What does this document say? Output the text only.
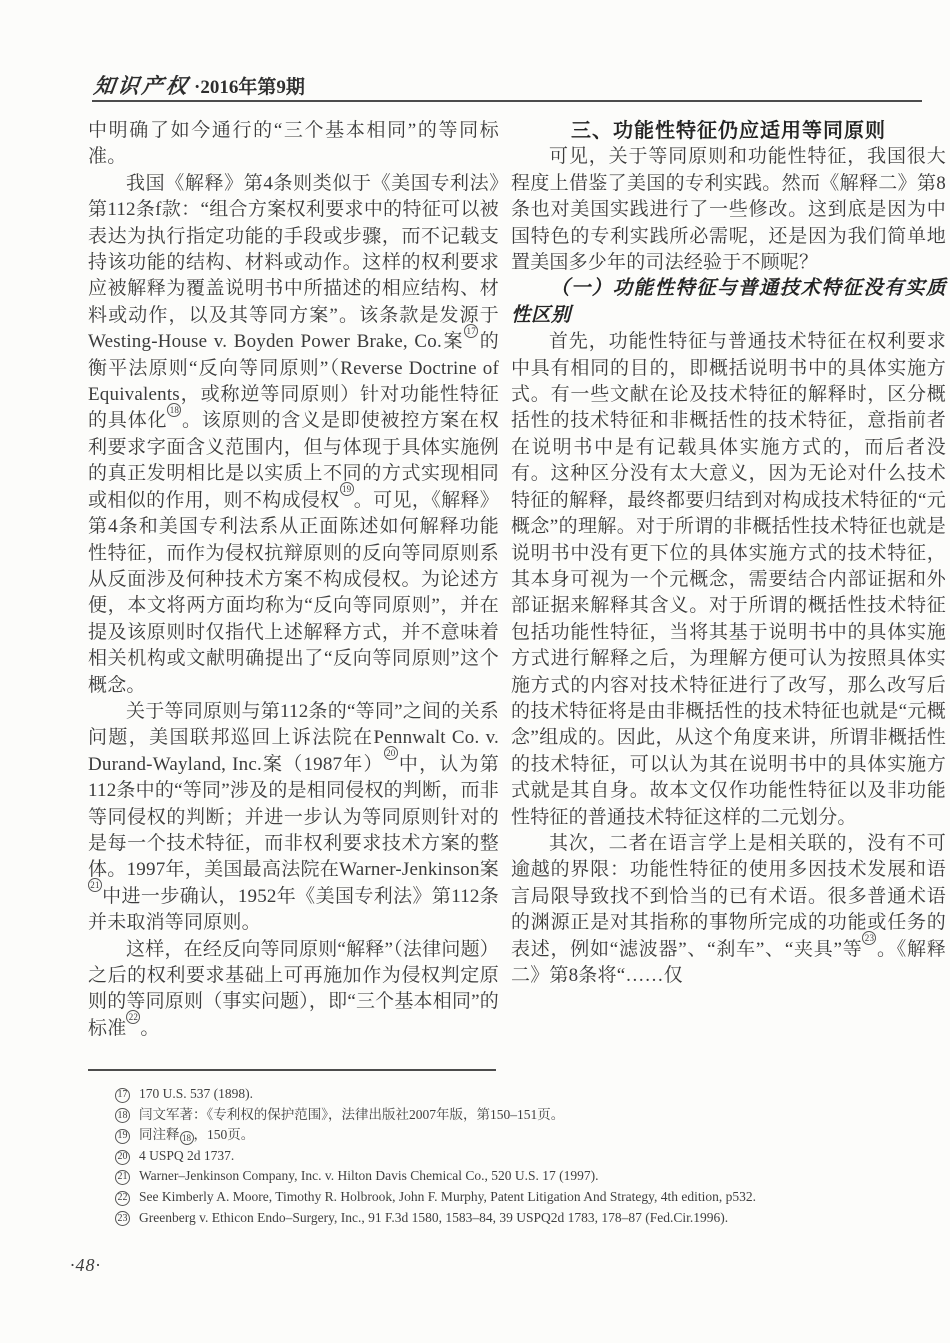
知识产权 ·2016年第9期

中明确了如今通行的“三个基本相同”的等同标准。

我国《解释》第4条则类似于《美国专利法》第112条f款：“组合方案权利要求中的特征可以被表达为执行指定功能的手段或步骤，而不记载支持该功能的结构、材料或动作。这样的权利要求应被解释为覆盖说明书中所描述的相应结构、材料或动作，以及其等同方案”。该条款是发源于Westing-House v. Boyden Power Brake, Co.案$^{17}$的衡平法原则“反向等同原则”（Reverse Doctrine of Equivalents，或称逆等同原则）针对功能性特征的具体化$^{18}$。该原则的含义是即使被控方案在权利要求字面含义范围内，但与体现于具体实施例的真正发明相比是以实质上不同的方式实现相同或相似的作用，则不构成侵权$^{19}$。可见，《解释》第4条和美国专利法系从正面陈述如何解释功能性特征，而作为侵权抗辩原则的反向等同原则系从反面涉及何种技术方案不构成侵权。为论述方便，本文将两方面均称为“反向等同原则”，并在提及该原则时仅指代上述解释方式，并不意味着相关机构或文献明确提出了“反向等同原则”这个概念。

关于等同原则与第112条的“等同”之间的关系问题，美国联邦巡回上诉法院在Pennwalt Co. v. Durand-Wayland, Inc.案（1987年）$^{20}$中，认为第112条中的“等同”涉及的是相同侵权的判断，而非等同侵权的判断；并进一步认为等同原则针对的是每一个技术特征，而非权利要求技术方案的整体。1997年，美国最高法院在Warner-Jenkinson案$^{21}$中进一步确认，1952年《美国专利法》第112条并未取消等同原则。

这样，在经反向等同原则“解释”（法律问题）之后的权利要求基础上可再施加作为侵权判定原则的等同原则（事实问题），即“三个基本相同”的标准$^{22}$。

三、功能性特征仍应适用等同原则

可见，关于等同原则和功能性特征，我国很大程度上借鉴了美国的专利实践。然而《解释二》第8条也对美国实践进行了一些修改。这到底是因为中国特色的专利实践所必需呢，还是因为我们简单地置美国多少年的司法经验于不顾呢？

（一）功能性特征与普通技术特征没有实质性区别

首先，功能性特征与普通技术特征在权利要求中具有相同的目的，即概括说明书中的具体实施方式。有一些文献在论及技术特征的解释时，区分概括性的技术特征和非概括性的技术特征，意指前者在说明书中是有记载具体实施方式的，而后者没有。这种区分没有太大意义，因为无论对什么技术特征的解释，最终都要归结到对构成技术特征的“元概念”的理解。对于所谓的非概括性技术特征也就是说明书中没有更下位的具体实施方式的技术特征，其本身可视为一个元概念，需要结合内部证据和外部证据来解释其含义。对于所谓的概括性技术特征包括功能性特征，当将其基于说明书中的具体实施方式进行解释之后，为理解方便可认为按照具体实施方式的内容对技术特征进行了改写，那么改写后的技术特征将是由非概括性的技术特征也就是“元概念”组成的。因此，从这个角度来讲，所谓非概括性的技术特征，可以认为其在说明书中的具体实施方式就是其自身。故本文仅作功能性特征以及非功能性特征的普通技术特征这样的二元划分。

其次，二者在语言学上是相关联的，没有不可逾越的界限：功能性特征的使用多因技术发展和语言局限导致找不到恰当的已有术语。很多普通术语的渊源正是对其指称的事物所完成的功能或任务的表述，例如“滤波器”、“刹车”、“夹具”等$^{23}$。《解释二》第8条将“……仅

17 170 U.S. 537 (1898).
18 闫文军著：《专利权的保护范围》，法律出版社2007年版，第150–151页。
19 同注释 18 ，150页。
20 4 USPQ 2d 1737.
21 Warner–Jenkinson Company, Inc. v. Hilton Davis Chemical Co., 520 U.S. 17 (1997).
22 See Kimberly A. Moore, Timothy R. Holbrook, John F. Murphy, Patent Litigation And Strategy, 4th edition, p532.
23 Greenberg v. Ethicon Endo–Surgery, Inc., 91 F.3d 1580, 1583–84, 39 USPQ2d 1783, 178–87 (Fed.Cir.1996).
·48·
